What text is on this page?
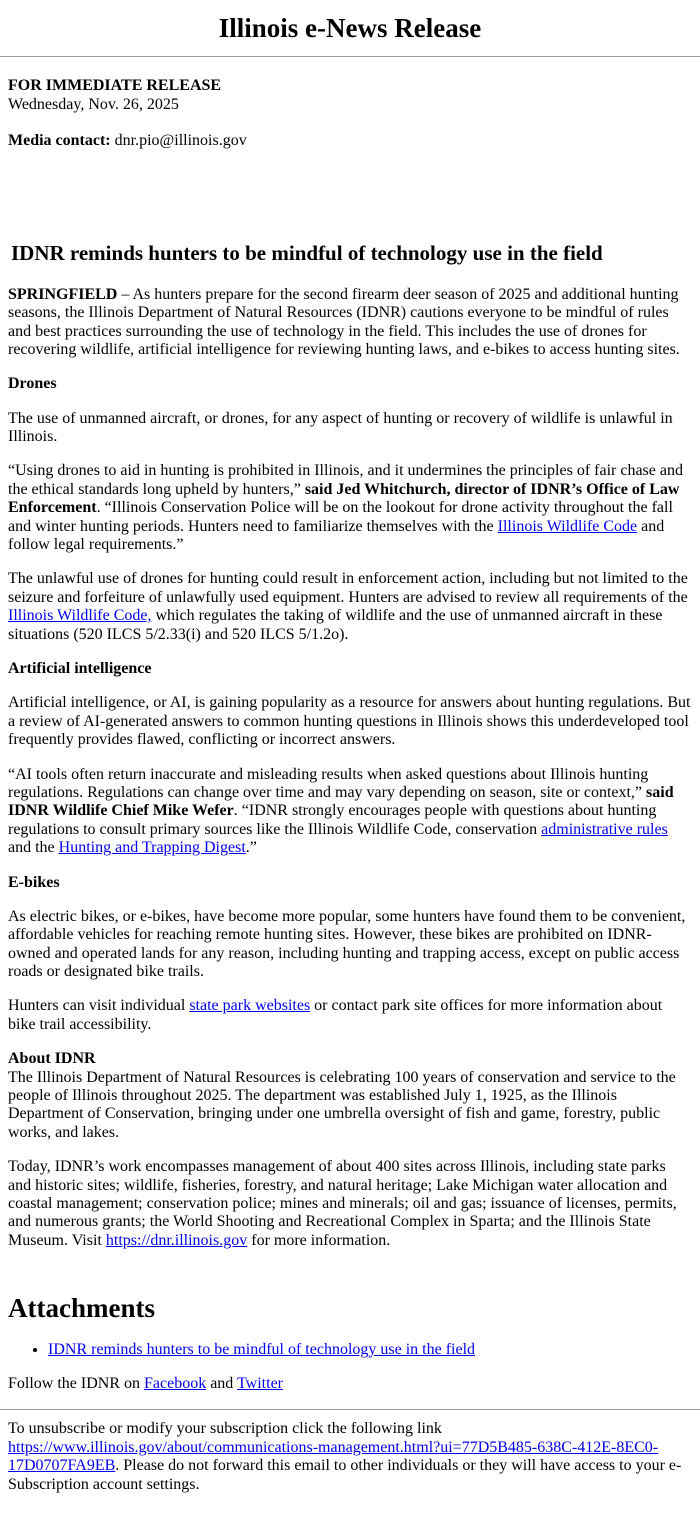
Illinois e-News Release
FOR IMMEDIATE RELEASE
Wednesday, Nov. 26, 2025

Media contact: dnr.pio@illinois.gov

IDNR reminds hunters to be mindful of technology use in the field

SPRINGFIELD – As hunters prepare for the second firearm deer season of 2025 and additional hunting seasons, the Illinois Department of Natural Resources (IDNR) cautions everyone to be mindful of rules and best practices surrounding the use of technology in the field. This includes the use of drones for recovering wildlife, artificial intelligence for reviewing hunting laws, and e-bikes to access hunting sites.

Drones

The use of unmanned aircraft, or drones, for any aspect of hunting or recovery of wildlife is unlawful in Illinois.

“Using drones to aid in hunting is prohibited in Illinois, and it undermines the principles of fair chase and the ethical standards long upheld by hunters,” said Jed Whitchurch, director of IDNR’s Office of Law Enforcement. “Illinois Conservation Police will be on the lookout for drone activity throughout the fall and winter hunting periods. Hunters need to familiarize themselves with the Illinois Wildlife Code and follow legal requirements.”

The unlawful use of drones for hunting could result in enforcement action, including but not limited to the seizure and forfeiture of unlawfully used equipment. Hunters are advised to review all requirements of the Illinois Wildlife Code, which regulates the taking of wildlife and the use of unmanned aircraft in these situations (520 ILCS 5/2.33(i) and 520 ILCS 5/1.2o).

Artificial intelligence

Artificial intelligence, or AI, is gaining popularity as a resource for answers about hunting regulations. But a review of AI-generated answers to common hunting questions in Illinois shows this underdeveloped tool frequently provides flawed, conflicting or incorrect answers.

“AI tools often return inaccurate and misleading results when asked questions about Illinois hunting regulations. Regulations can change over time and may vary depending on season, site or context,” said IDNR Wildlife Chief Mike Wefer. “IDNR strongly encourages people with questions about hunting regulations to consult primary sources like the Illinois Wildlife Code, conservation administrative rules and the Hunting and Trapping Digest.”

E-bikes

As electric bikes, or e-bikes, have become more popular, some hunters have found them to be convenient, affordable vehicles for reaching remote hunting sites. However, these bikes are prohibited on IDNR-owned and operated lands for any reason, including hunting and trapping access, except on public access roads or designated bike trails.

Hunters can visit individual state park websites or contact park site offices for more information about bike trail accessibility.

About IDNR
The Illinois Department of Natural Resources is celebrating 100 years of conservation and service to the people of Illinois throughout 2025. The department was established July 1, 1925, as the Illinois Department of Conservation, bringing under one umbrella oversight of fish and game, forestry, public works, and lakes.

Today, IDNR’s work encompasses management of about 400 sites across Illinois, including state parks and historic sites; wildlife, fisheries, forestry, and natural heritage; Lake Michigan water allocation and coastal management; conservation police; mines and minerals; oil and gas; issuance of licenses, permits, and numerous grants; the World Shooting and Recreational Complex in Sparta; and the Illinois State Museum. Visit https://dnr.illinois.gov for more information.

Attachments
• IDNR reminds hunters to be mindful of technology use in the field

Follow the IDNR on Facebook and Twitter

To unsubscribe or modify your subscription click the following link https://www.illinois.gov/about/communications-management.html?ui=77D5B485-638C-412E-8EC0-17D0707FA9EB. Please do not forward this email to other individuals or they will have access to your e-Subscription account settings.
